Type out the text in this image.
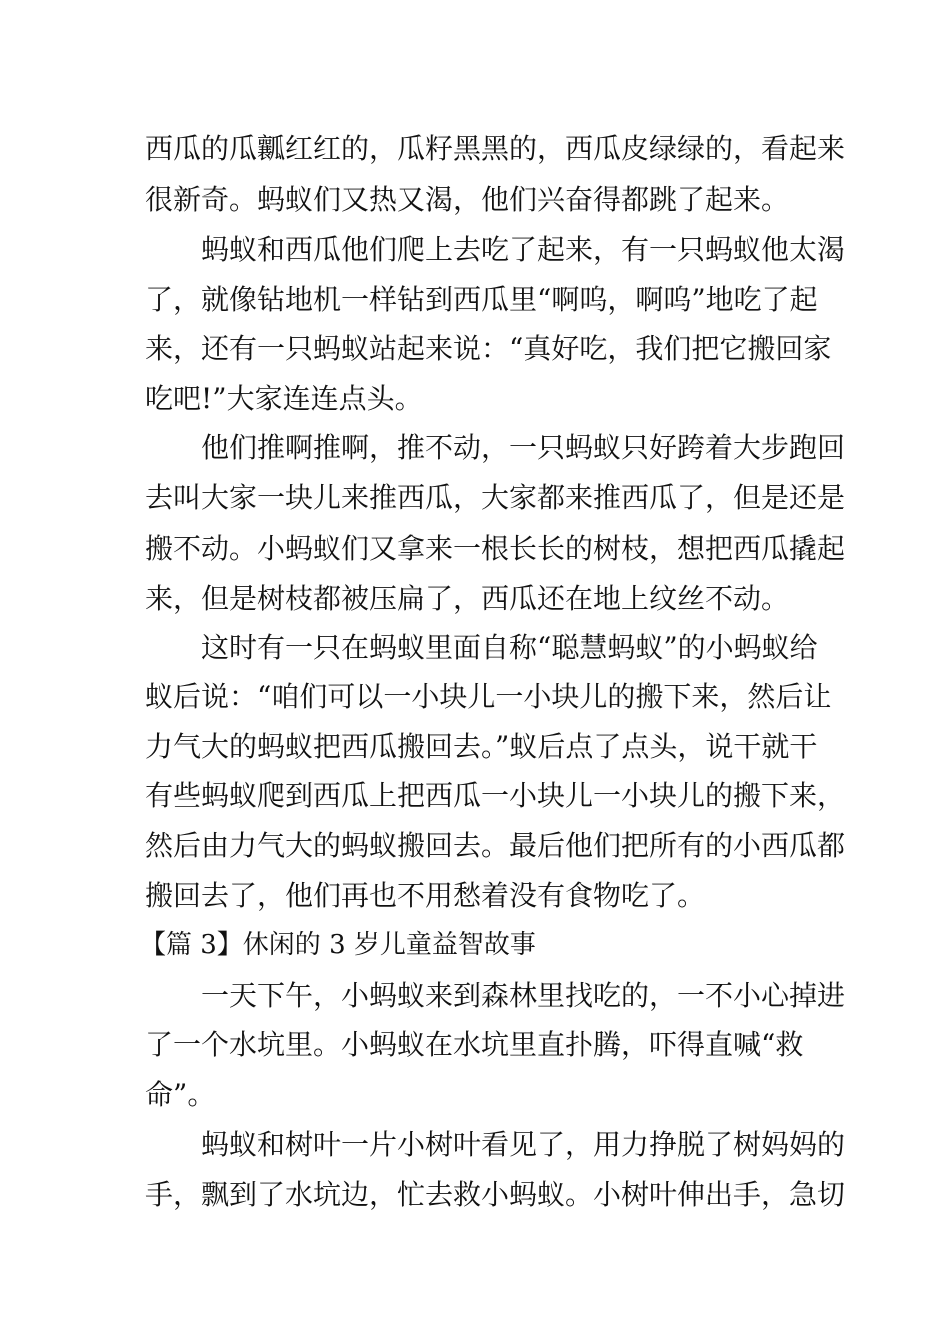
西瓜的瓜瓤红红的，瓜籽黑黑的，西瓜皮绿绿的，看起来

很新奇。蚂蚁们又热又渴，他们兴奋得都跳了起来。

蚂蚁和西瓜他们爬上去吃了起来，有一只蚂蚁他太渴

了，就像钻地机一样钻到西瓜里“啊呜，啊呜”地吃了起

来，还有一只蚂蚁站起来说：“真好吃，我们把它搬回家

吃吧!”大家连连点头。

他们推啊推啊，推不动，一只蚂蚁只好跨着大步跑回

去叫大家一块儿来推西瓜，大家都来推西瓜了，但是还是

搬不动。小蚂蚁们又拿来一根长长的树枝，想把西瓜撬起

来，但是树枝都被压扁了，西瓜还在地上纹丝不动。

这时有一只在蚂蚁里面自称“聪慧蚂蚁”的小蚂蚁给

蚁后说：“咱们可以一小块儿一小块儿的搬下来，然后让

力气大的蚂蚁把西瓜搬回去。”蚁后点了点头，说干就干

有些蚂蚁爬到西瓜上把西瓜一小块儿一小块儿的搬下来，

然后由力气大的蚂蚁搬回去。最后他们把所有的小西瓜都

搬回去了，他们再也不用愁着没有食物吃了。

【篇 3】休闲的 3 岁儿童益智故事

一天下午，小蚂蚁来到森林里找吃的，一不小心掉进

了一个水坑里。小蚂蚁在水坑里直扑腾，吓得直喊“救

命”。

蚂蚁和树叶一片小树叶看见了，用力挣脱了树妈妈的

手，飘到了水坑边，忙去救小蚂蚁。小树叶伸出手，急切
